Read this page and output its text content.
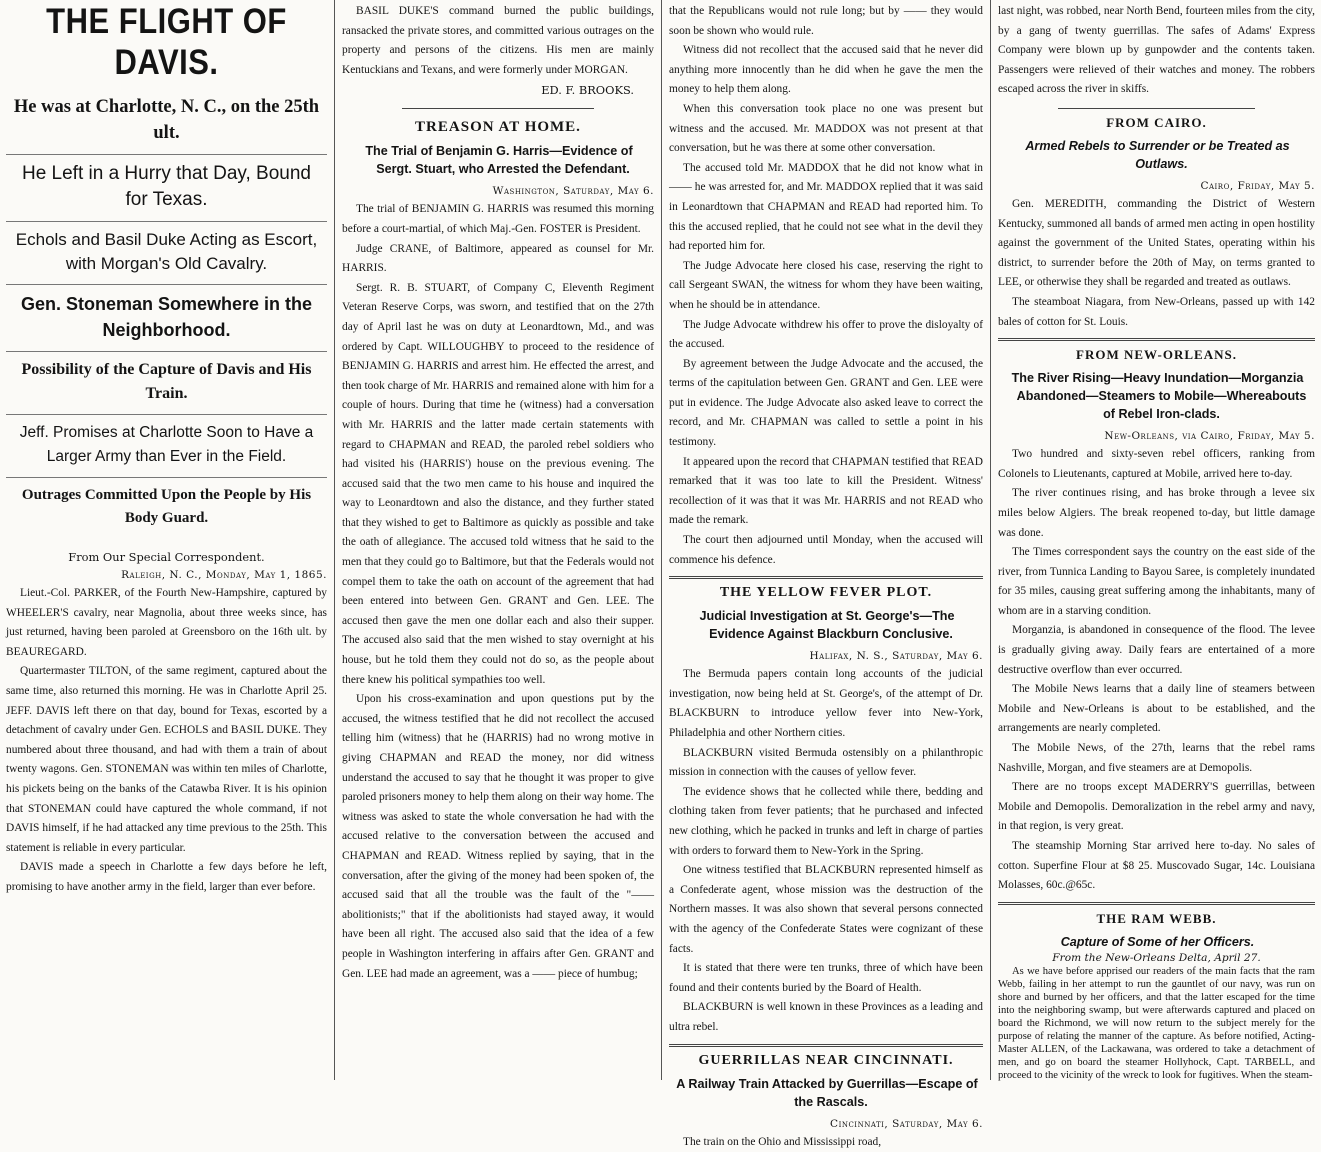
THE FLIGHT OF DAVIS.
He was at Charlotte, N. C., on the 25th ult.
He Left in a Hurry that Day, Bound for Texas.
Echols and Basil Duke Acting as Escort, with Morgan's Old Cavalry.
Gen. Stoneman Somewhere in the Neighborhood.
Possibility of the Capture of Davis and His Train.
Jeff. Promises at Charlotte Soon to Have a Larger Army than Ever in the Field.
Outrages Committed Upon the People by His Body Guard.
From Our Special Correspondent.
Raleigh, N. C., Monday, May 1, 1865.

Lieut.-Col. PARKER, of the Fourth New-Hampshire, captured by WHEELER'S cavalry, near Magnolia, about three weeks since, has just returned, having been paroled at Greensboro on the 16th ult. by BEAUREGARD.

Quartermaster TILTON, of the same regiment, captured about the same time, also returned this morning. He was in Charlotte April 25. JEFF. DAVIS left there on that day, bound for Texas, escorted by a detachment of cavalry under Gen. ECHOLS and BASIL DUKE. They numbered about three thousand, and had with them a train of about twenty wagons. Gen. STONEMAN was within ten miles of Charlotte, his pickets being on the banks of the Catawba River. It is his opinion that STONEMAN could have captured the whole command, if not DAVIS himself, if he had attacked any time previous to the 25th. This statement is reliable in every particular.

DAVIS made a speech in Charlotte a few days before he left, promising to have another army in the field, larger than ever before.

BASIL DUKE'S command burned the public buildings, ransacked the private stores, and committed various outrages on the property and persons of the citizens. His men are mainly Kentuckians and Texans, and were formerly under MORGAN.

ED. F. BROOKS.
TREASON AT HOME.
The Trial of Benjamin G. Harris—Evidence of Sergt. Stuart, who Arrested the Defendant.
Washington, Saturday, May 6.

The trial of BENJAMIN G. HARRIS was resumed this morning before a court-martial, of which Maj.-Gen. FOSTER is President.

Judge CRANE, of Baltimore, appeared as counsel for Mr. HARRIS.

Sergt. R. B. STUART, of Company C, Eleventh Regiment Veteran Reserve Corps, was sworn, and testified that on the 27th day of April last he was on duty at Leonardtown, Md., and was ordered by Capt. WILLOUGHBY to proceed to the residence of BENJAMIN G. HARRIS and arrest him. He effected the arrest, and then took charge of Mr. HARRIS and remained alone with him for a couple of hours. During that time he (witness) had a conversation with Mr. HARRIS and the latter made certain statements with regard to CHAPMAN and READ, the paroled rebel soldiers who had visited his (HARRIS') house on the previous evening. The accused said that the two men came to his house and inquired the way to Leonardtown and also the distance, and they further stated that they wished to get to Baltimore as quickly as possible and take the oath of allegiance. The accused told witness that he said to the men that they could go to Baltimore, but that the Federals would not compel them to take the oath on account of the agreement that had been entered into between Gen. GRANT and Gen. LEE. The accused then gave the men one dollar each and also their supper. The accused also said that the men wished to stay overnight at his house, but he told them they could not do so, as the people about there knew his political sympathies too well.

Upon his cross-examination and upon questions put by the accused, the witness testified that he did not recollect the accused telling him (witness) that he (HARRIS) had no wrong motive in giving CHAPMAN and READ the money, nor did witness understand the accused to say that he thought it was proper to give paroled prisoners money to help them along on their way home. The witness was asked to state the whole conversation he had with the accused relative to the conversation between the accused and CHAPMAN and READ. Witness replied by saying, that in the conversation, after the giving of the money had been spoken of, the accused said that all the trouble was the fault of the "—— abolitionists;" that if the abolitionists had stayed away, it would have been all right. The accused also said that the idea of a few people in Washington interfering in affairs after Gen. GRANT and Gen. LEE had made an agreement, was a —— piece of humbug;

that the Republicans would not rule long; but by —— they would soon be shown who would rule.

Witness did not recollect that the accused said that he never did anything more innocently than he did when he gave the men the money to help them along.

When this conversation took place no one was present but witness and the accused. Mr. MADDOX was not present at that conversation, but he was there at some other conversation.

The accused told Mr. MADDOX that he did not know what in —— he was arrested for, and Mr. MADDOX replied that it was said in Leonardtown that CHAPMAN and READ had reported him. To this the accused replied, that he could not see what in the devil they had reported him for.

The Judge Advocate here closed his case, reserving the right to call Sergeant SWAN, the witness for whom they have been waiting, when he should be in attendance.

The Judge Advocate withdrew his offer to prove the disloyalty of the accused.

By agreement between the Judge Advocate and the accused, the terms of the capitulation between Gen. GRANT and Gen. LEE were put in evidence. The Judge Advocate also asked leave to correct the record, and Mr. CHAPMAN was called to settle a point in his testimony.

It appeared upon the record that CHAPMAN testified that READ remarked that it was too late to kill the President. Witness' recollection of it was that it was Mr. HARRIS and not READ who made the remark.

The court then adjourned until Monday, when the accused will commence his defence.

THE YELLOW FEVER PLOT.
Judicial Investigation at St. George's—The Evidence Against Blackburn Conclusive.
Halifax, N. S., Saturday, May 6.

The Bermuda papers contain long accounts of the judicial investigation, now being held at St. George's, of the attempt of Dr. BLACKBURN to introduce yellow fever into New-York, Philadelphia and other Northern cities.

BLACKBURN visited Bermuda ostensibly on a philanthropic mission in connection with the causes of yellow fever.

The evidence shows that he collected while there, bedding and clothing taken from fever patients; that he purchased and infected new clothing, which he packed in trunks and left in charge of parties with orders to forward them to New-York in the Spring.

One witness testified that BLACKBURN represented himself as a Confederate agent, whose mission was the destruction of the Northern masses. It was also shown that several persons connected with the agency of the Confederate States were cognizant of these facts.

It is stated that there were ten trunks, three of which have been found and their contents buried by the Board of Health.

BLACKBURN is well known in these Provinces as a leading and ultra rebel.

GUERRILLAS NEAR CINCINNATI.
A Railway Train Attacked by Guerrillas—Escape of the Rascals.
Cincinnati, Saturday, May 6.

The train on the Ohio and Mississippi road,

last night, was robbed, near North Bend, fourteen miles from the city, by a gang of twenty guerrillas. The safes of Adams' Express Company were blown up by gunpowder and the contents taken. Passengers were relieved of their watches and money. The robbers escaped across the river in skiffs.

FROM CAIRO.
Armed Rebels to Surrender or be Treated as Outlaws.
Cairo, Friday, May 5.

Gen. MEREDITH, commanding the District of Western Kentucky, summoned all bands of armed men acting in open hostility against the government of the United States, operating within his district, to surrender before the 20th of May, on terms granted to LEE, or otherwise they shall be regarded and treated as outlaws.

The steamboat Niagara, from New-Orleans, passed up with 142 bales of cotton for St. Louis.

FROM NEW-ORLEANS.
The River Rising—Heavy Inundation—Morganzia Abandoned—Steamers to Mobile—Whereabouts of Rebel Iron-clads.
New-Orleans, via Cairo, Friday, May 5.

Two hundred and sixty-seven rebel officers, ranking from Colonels to Lieutenants, captured at Mobile, arrived here to-day.

The river continues rising, and has broke through a levee six miles below Algiers. The break reopened to-day, but little damage was done.

The Times correspondent says the country on the east side of the river, from Tunnica Landing to Bayou Saree, is completely inundated for 35 miles, causing great suffering among the inhabitants, many of whom are in a starving condition.

Morganzia, is abandoned in consequence of the flood. The levee is gradually giving away. Daily fears are entertained of a more destructive overflow than ever occurred.

The Mobile News learns that a daily line of steamers between Mobile and New-Orleans is about to be established, and the arrangements are nearly completed.

The Mobile News, of the 27th, learns that the rebel rams Nashville, Morgan, and five steamers are at Demopolis.

There are no troops except MADERRY'S guerrillas, between Mobile and Demopolis. Demoralization in the rebel army and navy, in that region, is very great.

The steamship Morning Star arrived here to-day. No sales of cotton. Superfine Flour at $8 25. Muscovado Sugar, 14c. Louisiana Molasses, 60c.@65c.

THE RAM WEBB.
Capture of Some of her Officers.
From the New-Orleans Delta, April 27.

As we have before apprised our readers of the main facts that the ram Webb, failing in her attempt to run the gauntlet of our navy, was run on shore and burned by her officers, and that the latter escaped for the time into the neighboring swamp, but were afterwards captured and placed on board the Richmond, we will now return to the subject merely for the purpose of relating the manner of the capture. As before notified, Acting-Master ALLEN, of the Lackawana, was ordered to take a detachment of men, and go on board the steamer Hollyhock, Capt. TARBELL, and proceed to the vicinity of the wreck to look for fugitives. When the steam-
